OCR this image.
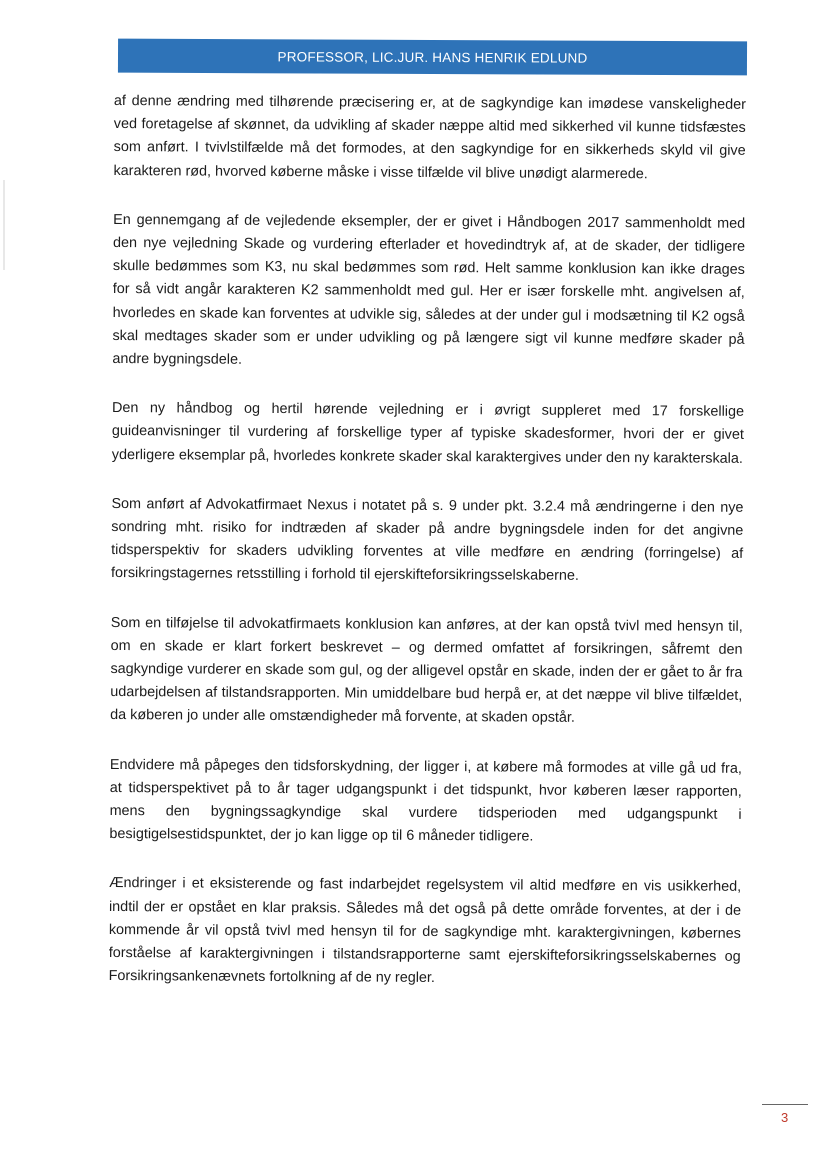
PROFESSOR, LIC.JUR. HANS HENRIK EDLUND

af denne ændring med tilhørende præcisering er, at de sagkyndige kan imødese vanskeligheder ved foretagelse af skønnet, da udvikling af skader næppe altid med sikkerhed vil kunne tidsfæstes som anført. I tvivlstilfælde må det formodes, at den sagkyndige for en sikkerheds skyld vil give karakteren rød, hvorved køberne måske i visse tilfælde vil blive unødigt alarmerede.

En gennemgang af de vejledende eksempler, der er givet i Håndbogen 2017 sammenholdt med den nye vejledning Skade og vurdering efterlader et hovedindtryk af, at de skader, der tidligere skulle bedømmes som K3, nu skal bedømmes som rød. Helt samme konklusion kan ikke drages for så vidt angår karakteren K2 sammenholdt med gul. Her er især forskelle mht. angivelsen af, hvorledes en skade kan forventes at udvikle sig, således at der under gul i modsætning til K2 også skal medtages skader som er under udvikling og på længere sigt vil kunne medføre skader på andre bygningsdele.

Den ny håndbog og hertil hørende vejledning er i øvrigt suppleret med 17 forskellige guideanvisninger til vurdering af forskellige typer af typiske skadesformer, hvori der er givet yderligere eksemplar på, hvorledes konkrete skader skal karaktergives under den ny karakterskala.

Som anført af Advokatfirmaet Nexus i notatet på s. 9 under pkt. 3.2.4 må ændringerne i den nye sondring mht. risiko for indtræden af skader på andre bygningsdele inden for det angivne tidsperspektiv for skaders udvikling forventes at ville medføre en ændring (forringelse) af forsikringstagernes retsstilling i forhold til ejerskifteforsikringsselskaberne.

Som en tilføjelse til advokatfirmaets konklusion kan anføres, at der kan opstå tvivl med hensyn til, om en skade er klart forkert beskrevet – og dermed omfattet af forsikringen, såfremt den sagkyndige vurderer en skade som gul, og der alligevel opstår en skade, inden der er gået to år fra udarbejdelsen af tilstandsrapporten. Min umiddelbare bud herpå er, at det næppe vil blive tilfældet, da køberen jo under alle omstændigheder må forvente, at skaden opstår.

Endvidere må påpeges den tidsforskydning, der ligger i, at købere må formodes at ville gå ud fra, at tidsperspektivet på to år tager udgangspunkt i det tidspunkt, hvor køberen læser rapporten, mens den bygningssagkyndige skal vurdere tidsperioden med udgangspunkt i besigtigelsestidspunktet, der jo kan ligge op til 6 måneder tidligere.

Ændringer i et eksisterende og fast indarbejdet regelsystem vil altid medføre en vis usikkerhed, indtil der er opstået en klar praksis. Således må det også på dette område forventes, at der i de kommende år vil opstå tvivl med hensyn til for de sagkyndige mht. karaktergivningen, købernes forståelse af karaktergivningen i tilstandsrapporterne samt ejerskifteforsikringsselskabernes og Forsikringsankenævnets fortolkning af de ny regler.

3
